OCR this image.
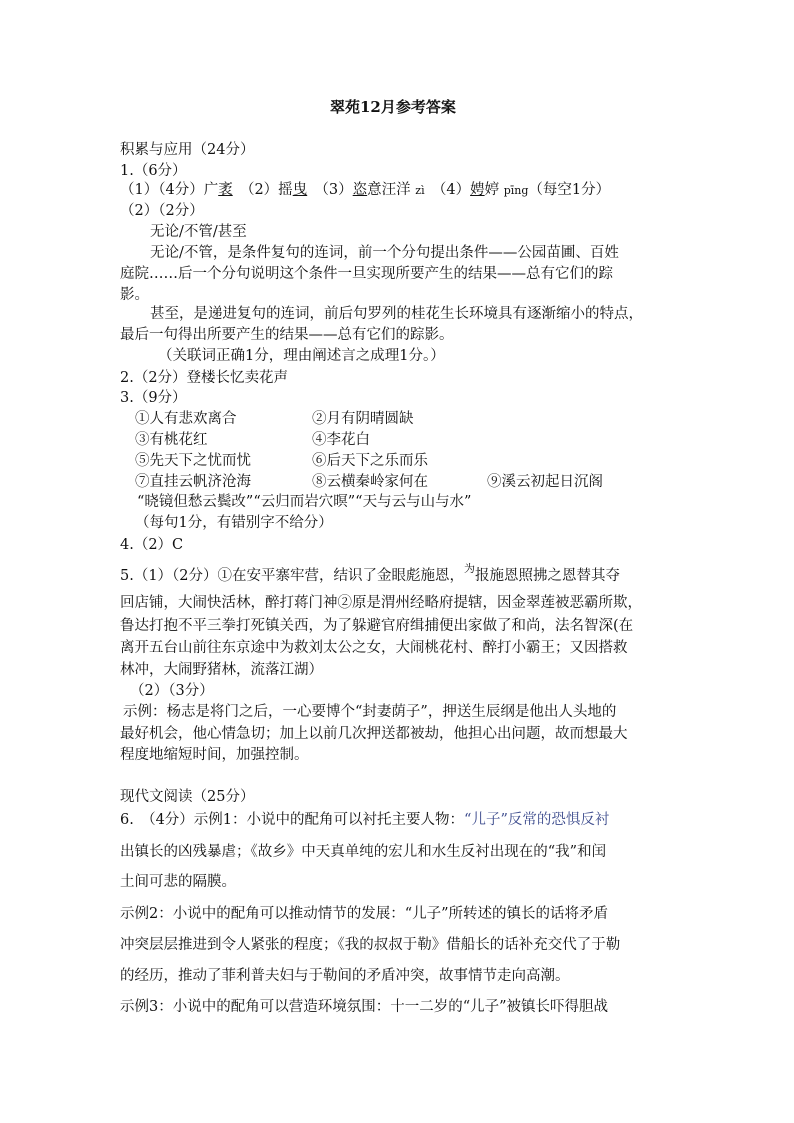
翠苑12月参考答案
积累与应用（24分）
1.（6分）
（1）（4分）广袤　（2）摇曳　（3）恣意汪洋 zì　（4）娉婷 pīng（每空1分）
（2）（2分）
无论/不管/甚至
无论/不管，是条件复句的连词，前一个分句提出条件——公园苗圃、百姓
庭院……后一个分句说明这个条件一旦实现所要产生的结果——总有它们的踪
影。
甚至，是递进复句的连词，前后句罗列的桂花生长环境具有逐渐缩小的特点，
最后一句得出所要产生的结果——总有它们的踪影。
（关联词正确1分，理由阐述言之成理1分。）
2.（2分）登楼长忆卖花声
3.（9分）
①人有悲欢离合	②月有阴晴圆缺
③有桃花红	④李花白
⑤先天下之忧而忧	⑥后天下之乐而乐
⑦直挂云帆济沧海	⑧云横秦岭家何在	⑨溪云初起日沉阁
“晓镜但愁云鬓改”“云归而岩穴暝”“天与云与山与水”
（每句1分，有错别字不给分）
4.（2）C
5.（1）（2分）①在安平寨牢营，结识了金眼彪施恩，$^为$报施恩照拂之恩替其夺
回店铺，大闹快活林，醉打蒋门神②原是渭州经略府提辖，因金翠莲被恶霸所欺，
鲁达打抱不平三拳打死镇关西，为了躲避官府缉捕便出家做了和尚，法名智深(在
离开五台山前往东京途中为救刘太公之女，大闹桃花村、醉打小霸王；又因搭救
林冲，大闹野猪林，流落江湖）
（2）（3分）
示例：杨志是将门之后，一心要博个“封妻荫子”，押送生辰纲是他出人头地的
最好机会，他心情急切；加上以前几次押送都被劫，他担心出问题，故而想最大
程度地缩短时间，加强控制。
现代文阅读（25分）
6.　（4分）示例1：小说中的配角可以衬托主要人物：“儿子”反常的恐惧反衬
出镇长的凶残暴虐；《故乡》中天真单纯的宏儿和水生反衬出现在的“我”和闰
土间可悲的隔膜。
示例2：小说中的配角可以推动情节的发展：“儿子”所转述的镇长的话将矛盾
冲突层层推进到令人紧张的程度；《我的叔叔于勒》借船长的话补充交代了于勒
的经历，推动了菲利普夫妇与于勒间的矛盾冲突，故事情节走向高潮。
示例3：小说中的配角可以营造环境氛围：十一二岁的“儿子”被镇长吓得胆战
